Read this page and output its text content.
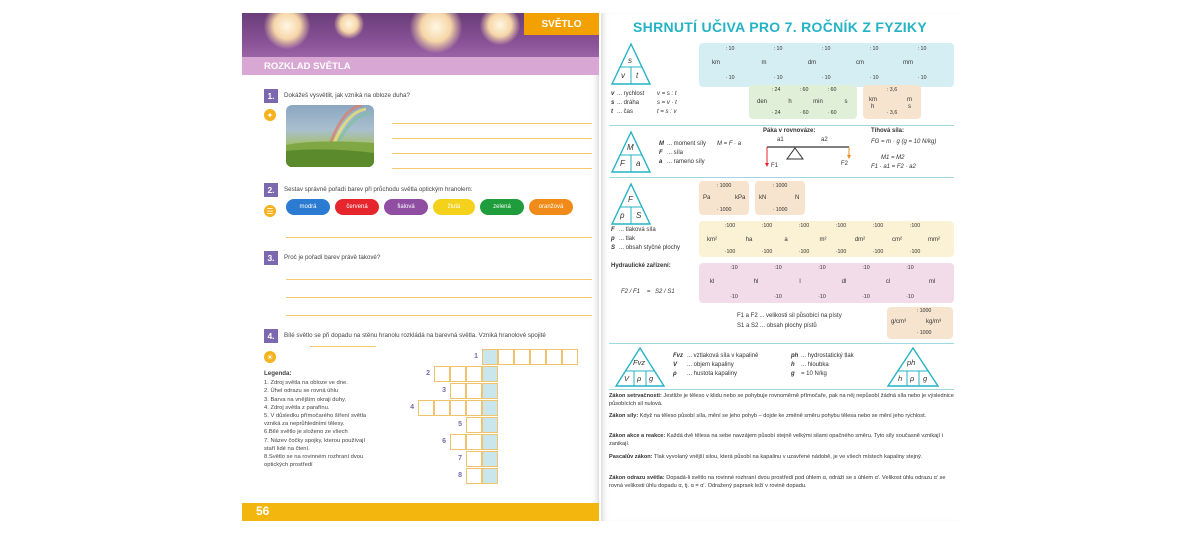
SVĚTLO
ROZKLAD SVĚTLA
1.	Dokážeš vysvětlit, jak vzniká na obloze duha?
✦
2.	Sestav správně pořadí barev při průchodu světla optickým hranolem:
☰
3.	Proč je pořadí barev právě takové?
4.	Bílé světlo se při dopadu na stěnu hranolu rozkládá na barevná světla. Vzniká hranolové spojité
☀
Legenda:
1. Zdroj světla na obloze ve dne.
2. Úhel odrazu se rovná úhlu
3. Barva na vnějším okraji duhy.
4. Zdroj světla z parafínu.
5. V důsledku přímočarého šíření světla
vzniká za neprůhledními tělesy.
6.Bílé světlo je složeno ze všech
7. Název čočky spojky, kterou používají
staří lidé na čtení.
8.Světlo se na rovinném rozhraní dvou
optických prostředí
56
modrá	červená	fialová	žlutá	zelená	oranžová
1
2
3
4
5
6
7
8
SHRNUTÍ UČIVA PRO 7. ROČNÍK Z FYZIKY
s
v t
M
F a
Páka v rovnováze:
a1	a2
F1	F2
Tíhová síla:
FG = m · g (g = 10 N/kg)
M1 = M2
F1 · a1 = F2 · a2
F
p S
Hydraulické zařízení:
F2 / F1 = S2 / S1
: 1000
g/cm³	kg/m³
· 1000
F1 a F2 ... velikosti sil působící na písty
S1 a S2 ... obsah plochy pístů
Fvz
V ρ g
ph
h ρ g
v ... rychlost v = s : t
s ... dráha	s = v · t
t ... čas	t = s : v
km
: 10
· 10
m
: 10
· 10
dm
: 10
· 10
cm
: 10
· 10
mm
: 10
· 10
den
: 24
· 24
h
: 60
· 60
min
: 60
· 60
s	km
h
m
s
: 3,6
· 3,6
M ... moment síly M = F · a
F ... síla
a ... rameno síly
Pa	kPa kN	N
: 1000
· 1000
: 1000
· 1000
F ... tlaková síla
p ... tlak
S ... obsah styčné plochy
km²
:100
·100
ha
:100
·100
a
:100
·100
m²
:100
·100
dm²
:100
·100
cm²
:100
·100
mm²
kl
:10
·10
hl
:10
·10
l
:10
·10
dl
:10
·10
cl
:10
·10
ml
Fvz ... vztlaková síla v kapalině
V ... objem kapaliny
ρ ... hustota kapaliny
ph ... hydrostatický tlak
h ... hloubka
g = 10 N/kg
Zákon setrvačnosti: Jestliže je těleso v klidu nebo se pohybuje rovnoměrně přímočaře, pak na něj nepůsobí žádná síla nebo je výslednice působících sil nulová.
Zákon síly: Když na těleso působí síla, mění se jeho pohyb – dojde ke změně směru pohybu tělesa nebo se mění jeho rychlost.
Zákon akce a reakce: Každá dvě tělesa na sebe navzájem působí stejně velkými silami opačného směru. Tyto síly současně vznikají i zanikají.
Pascalův zákon: Tlak vyvolaný vnější silou, která působí na kapalinu v uzavřené nádobě, je ve všech místech kapaliny stejný.
Zákon odrazu světla: Dopadá-li světlo na rovinné rozhraní dvou prostředí pod úhlem α, odráží se s úhlem α'. Velikost úhlu odrazu α' se rovná velikosti úhlu dopadu α, tj. α = α'. Odražený paprsek leží v rovině dopadu.
